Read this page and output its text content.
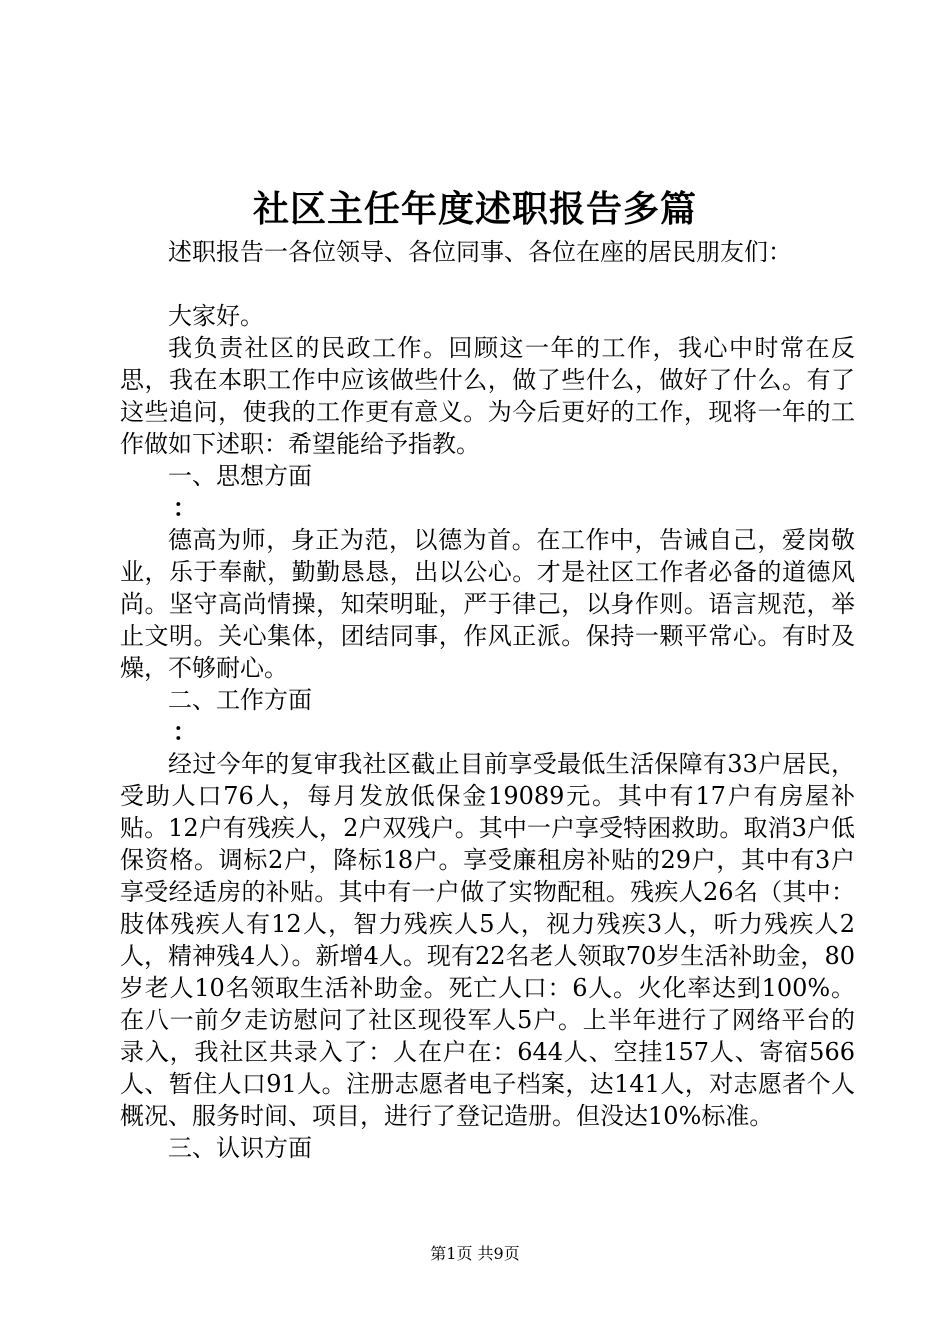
社区主任年度述职报告多篇

述职报告一各位领导、各位同事、各位在座的居民朋友们：

大家好。

我负责社区的民政工作。回顾这一年的工作，我心中时常在反思，我在本职工作中应该做些什么，做了些什么，做好了什么。有了这些追问，使我的工作更有意义。为今后更好的工作，现将一年的工作做如下述职：希望能给予指教。

一、思想方面

：

德高为师，身正为范，以德为首。在工作中，告诫自己，爱岗敬业，乐于奉献，勤勤恳恳，出以公心。才是社区工作者必备的道德风尚。坚守高尚情操，知荣明耻，严于律己，以身作则。语言规范，举止文明。关心集体，团结同事，作风正派。保持一颗平常心。有时及燥，不够耐心。

二、工作方面

：

经过今年的复审我社区截止目前享受最低生活保障有33户居民，受助人口76人，每月发放低保金19089元。其中有17户有房屋补贴。12户有残疾人，2户双残户。其中一户享受特困救助。取消3户低保资格。调标2户，降标18户。享受廉租房补贴的29户，其中有3户享受经适房的补贴。其中有一户做了实物配租。残疾人26名（其中：肢体残疾人有12人，智力残疾人5人，视力残疾3人，听力残疾人2人，精神残4人）。新增4人。现有22名老人领取70岁生活补助金，80岁老人10名领取生活补助金。死亡人口：6人。火化率达到100%。在八一前夕走访慰问了社区现役军人5户。上半年进行了网络平台的录入，我社区共录入了：人在户在：644人、空挂157人、寄宿566人、暂住人口91人。注册志愿者电子档案，达141人，对志愿者个人概况、服务时间、项目，进行了登记造册。但没达10%标准。

三、认识方面

第1页 共9页
